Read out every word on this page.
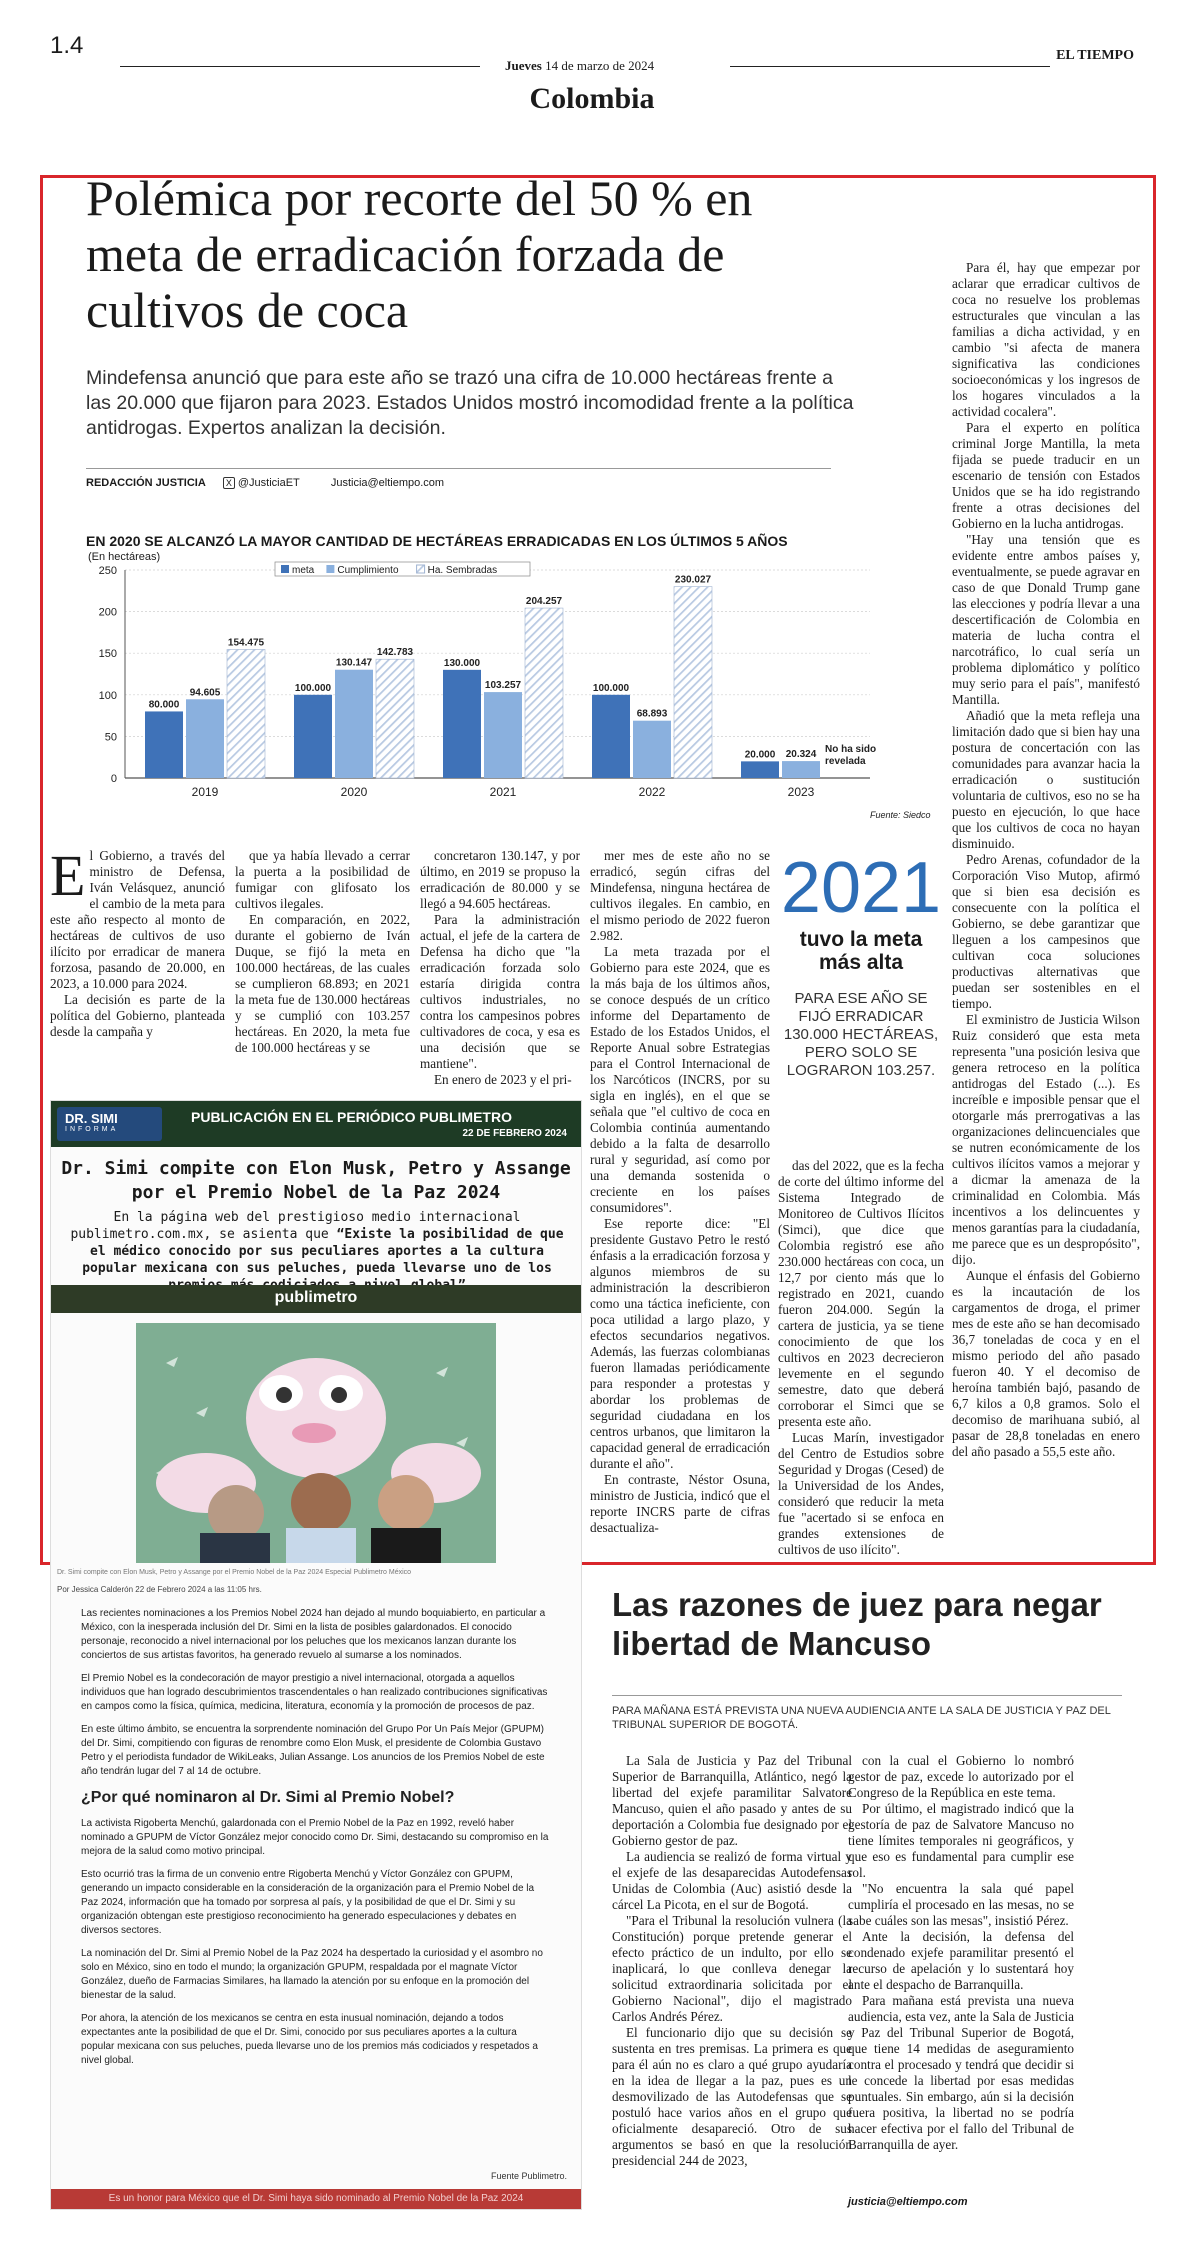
1.4
Jueves 14 de marzo de 2024
EL TIEMPO
Colombia
Polémica por recorte del 50 % en meta de erradicación forzada de cultivos de coca
Mindefensa anunció que para este año se trazó una cifra de 10.000 hectáreas frente a las 20.000 que fijaron para 2023. Estados Unidos mostró incomodidad frente a la política antidrogas. Expertos analizan la decisión.
REDACCIÓN JUSTICIA X @JusticiaET	Justicia@eltiempo.com
EN 2020 SE ALCANZÓ LA MAYOR CANTIDAD DE HECTÁREAS ERRADICADAS EN LOS ÚLTIMOS 5 AÑOS
(En hectáreas)
0
50
100
150
200
250
80.000
94.605
154.475
2019
100.000
130.147
142.783
2020
130.000
103.257
204.257
2021
100.000
68.893
230.027
2022
20.000 20.324 No ha sido revelada
2023
meta Cumplimiento	Ha. Sembradas
Fuente: Siedco

Para él, hay que empezar por aclarar que erradicar cultivos de coca no resuelve los problemas estructurales que vinculan a las familias a dicha actividad, y en cambio "si afecta de manera significativa las condiciones socioeconómicas y los ingresos de los hogares vinculados a la actividad cocalera".

Para el experto en política criminal Jorge Mantilla, la meta fijada se puede traducir en un escenario de tensión con Estados Unidos que se ha ido registrando frente a otras decisiones del Gobierno en la lucha antidrogas.

"Hay una tensión que es evidente entre ambos países y, eventualmente, se puede agravar en caso de que Donald Trump gane las elecciones y podría llevar a una descertificación de Colombia en materia de lucha contra el narcotráfico, lo cual sería un problema diplomático y político muy serio para el país", manifestó Mantilla.

Añadió que la meta refleja una limitación dado que si bien hay una postura de concertación con las comunidades para avanzar hacia la erradicación o sustitución voluntaria de cultivos, eso no se ha puesto en ejecución, lo que hace que los cultivos de coca no hayan disminuido.

Pedro Arenas, cofundador de la Corporación Viso Mutop, afirmó que si bien esa decisión es consecuente con la política el Gobierno, se debe garantizar que lleguen a los campesinos que cultivan coca soluciones productivas alternativas que puedan ser sostenibles en el tiempo.

El exministro de Justicia Wilson Ruiz consideró que esta meta representa "una posición lesiva que genera retroceso en la política antidrogas del Estado (...). Es increíble e imposible pensar que el otorgarle más prerrogativas a las organizaciones delincuenciales que se nutren económicamente de los cultivos ilícitos vamos a mejorar y a dicmar la amenaza de la criminalidad en Colombia. Más incentivos a los delincuentes y menos garantías para la ciudadanía, me parece que es un despropósito", dijo.

Aunque el énfasis del Gobierno es la incautación de los cargamentos de droga, el primer mes de este año se han decomisado 36,7 toneladas de coca y en el mismo periodo del año pasado fueron 40. Y el decomiso de heroína también bajó, pasando de 6,7 kilos a 0,8 gramos. Solo el decomiso de marihuana subió, al pasar de 28,8 toneladas en enero del año pasado a 55,5 este año.

E l Gobierno, a través del ministro de Defensa, Iván Velásquez, anunció el cambio de la meta para este año respecto al monto de hectáreas de cultivos de uso ilícito por erradicar de manera forzosa, pasando de 20.000, en 2023, a 10.000 para 2024.

La decisión es parte de la política del Gobierno, planteada desde la campaña y

que ya había llevado a cerrar la puerta a la posibilidad de fumigar con glifosato los cultivos ilegales.

En comparación, en 2022, durante el gobierno de Iván Duque, se fijó la meta en 100.000 hectáreas, de las cuales se cumplieron 68.893; en 2021 la meta fue de 130.000 hectáreas y se cumplió con 103.257 hectáreas. En 2020, la meta fue de 100.000 hectáreas y se

concretaron 130.147, y por último, en 2019 se propuso la erradicación de 80.000 y se llegó a 94.605 hectáreas.

Para la administración actual, el jefe de la cartera de Defensa ha dicho que "la erradicación forzada solo estaría dirigida contra cultivos industriales, no contra los campesinos pobres cultivadores de coca, y esa es una decisión que se mantiene".

En enero de 2023 y el pri-

mer mes de este año no se erradicó, según cifras del Mindefensa, ninguna hectárea de cultivos ilegales. En cambio, en el mismo periodo de 2022 fueron 2.982.

La meta trazada por el Gobierno para este 2024, que es la más baja de los últimos años, se conoce después de un crítico informe del Departamento de Estado de los Estados Unidos, el Reporte Anual sobre Estrategias para el Control Internacional de los Narcóticos (INCRS, por su sigla en inglés), en el que se señala que "el cultivo de coca en Colombia continúa aumentando debido a la falta de desarrollo rural y seguridad, así como por una demanda sostenida o creciente en los países consumidores".

Ese reporte dice: "El presidente Gustavo Petro le restó énfasis a la erradicación forzosa y algunos miembros de su administración la describieron como una táctica ineficiente, con poca utilidad a largo plazo, y efectos secundarios negativos. Además, las fuerzas colombianas fueron llamadas periódicamente para responder a protestas y abordar los problemas de seguridad ciudadana en los centros urbanos, que limitaron la capacidad general de erradicación durante el año".

En contraste, Néstor Osuna, ministro de Justicia, indicó que el reporte INCRS parte de cifras desactualiza-

das del 2022, que es la fecha de corte del último informe del Sistema Integrado de Monitoreo de Cultivos Ilícitos (Simci), que dice que Colombia registró ese año 230.000 hectáreas con coca, un 12,7 por ciento más que lo registrado en 2021, cuando fueron 204.000. Según la cartera de justicia, ya se tiene conocimiento de que los cultivos en 2023 decrecieron levemente en el segundo semestre, dato que deberá corroborar el Simci que se presenta este año.

Lucas Marín, investigador del Centro de Estudios sobre Seguridad y Drogas (Cesed) de la Universidad de los Andes, consideró que reducir la meta fue "acertado si se enfoca en grandes extensiones de cultivos de uso ilícito".

2021
tuvo la meta más alta
PARA ESE AÑO SE FIJÓ ERRADICAR 130.000 HECTÁREAS, PERO SOLO SE LOGRARON 103.257.
DR. SIMI
INFORMA
PUBLICACIÓN EN EL PERIÓDICO PUBLIMETRO
22 DE FEBRERO 2024
Dr. Simi compite con Elon Musk, Petro y Assange por el Premio Nobel de la Paz 2024
En la página web del prestigioso medio internacional publimetro.com.mx, se asienta que “Existe la posibilidad de que el médico conocido por sus peculiares aportes a la cultura popular mexicana con sus peluches, pueda llevarse uno de los
publimetro
Dr. Simi compite con Elon Musk, Petro y Assange por el Premio Nobel de la Paz 2024 Especial Publimetro México
Por Jessica Calderón 22 de Febrero 2024 a las 11:05 hrs.

Las recientes nominaciones a los Premios Nobel 2024 han dejado al mundo boquiabierto, en particular a México, con la inesperada inclusión del Dr. Simi en la lista de posibles galardonados. El conocido personaje, reconocido a nivel internacional por los peluches que los mexicanos lanzan durante los conciertos de sus artistas favoritos, ha generado revuelo al sumarse a los nominados.

El Premio Nobel es la condecoración de mayor prestigio a nivel internacional, otorgada a aquellos individuos que han logrado descubrimientos trascendentales o han realizado contribuciones significativas en campos como la física, química, medicina, literatura, economía y la promoción de procesos de paz.

En este último ámbito, se encuentra la sorprendente nominación del Grupo Por Un País Mejor (GPUPM) del Dr. Simi, compitiendo con figuras de renombre como Elon Musk, el presidente de Colombia Gustavo Petro y el periodista fundador de WikiLeaks, Julian Assange. Los anuncios de los Premios Nobel de este año tendrán lugar del 7 al 14 de octubre.

¿Por qué nominaron al Dr. Simi al Premio Nobel?

La activista Rigoberta Menchú, galardonada con el Premio Nobel de la Paz en 1992, reveló haber nominado a GPUPM de Víctor González mejor conocido como Dr. Simi, destacando su compromiso en la mejora de la salud como motivo principal.

Esto ocurrió tras la firma de un convenio entre Rigoberta Menchú y Víctor González con GPUPM, generando un impacto considerable en la consideración de la organización para el Premio Nobel de la Paz 2024, información que ha tomado por sorpresa al país, y la posibilidad de que el Dr. Simi y su organización obtengan este prestigioso reconocimiento ha generado especulaciones y debates en diversos sectores.

La nominación del Dr. Simi al Premio Nobel de la Paz 2024 ha despertado la curiosidad y el asombro no solo en México, sino en todo el mundo; la organización GPUPM, respaldada por el magnate Víctor González, dueño de Farmacias Similares, ha llamado la atención por su enfoque en la promoción del bienestar de la salud.

Por ahora, la atención de los mexicanos se centra en esta inusual nominación, dejando a todos expectantes ante la posibilidad de que el Dr. Simi, conocido por sus peculiares aportes a la cultura popular mexicana con sus peluches, pueda llevarse uno de los premios más codiciados y respetados a nivel global.

Fuente Publimetro.
Es un honor para México que el Dr. Simi haya sido nominado al Premio Nobel de la Paz 2024
Las razones de juez para negar libertad de Mancuso
PARA MAÑANA ESTÁ PREVISTA UNA NUEVA AUDIENCIA ANTE LA SALA DE JUSTICIA Y PAZ DEL TRIBUNAL SUPERIOR DE BOGOTÁ.

La Sala de Justicia y Paz del Tribunal Superior de Barranquilla, Atlántico, negó la libertad del exjefe paramilitar Salvatore Mancuso, quien el año pasado y antes de su deportación a Colombia fue designado por el Gobierno gestor de paz.

La audiencia se realizó de forma virtual y el exjefe de las desaparecidas Autodefensas Unidas de Colombia (Auc) asistió desde la cárcel La Picota, en el sur de Bogotá.

"Para el Tribunal la resolución vulnera (la Constitución) porque pretende generar el efecto práctico de un indulto, por ello se inaplicará, lo que conlleva denegar la solicitud extraordinaria solicitada por el Gobierno Nacional", dijo el magistrado Carlos Andrés Pérez.

El funcionario dijo que su decisión se sustenta en tres premisas. La primera es que para él aún no es claro a qué grupo ayudaría en la idea de llegar a la paz, pues es un desmovilizado de las Autodefensas que se postuló hace varios años en el grupo que oficialmente desapareció. Otro de sus argumentos se basó en que la resolución presidencial 244 de 2023,

con la cual el Gobierno lo nombró gestor de paz, excede lo autorizado por el Congreso de la República en este tema.

Por último, el magistrado indicó que la gestoría de paz de Salvatore Mancuso no tiene límites temporales ni geográficos, y que eso es fundamental para cumplir ese rol.

"No encuentra la sala qué papel cumpliría el procesado en las mesas, no se sabe cuáles son las mesas", insistió Pérez.

Ante la decisión, la defensa del condenado exjefe paramilitar presentó el recurso de apelación y lo sustentará hoy ante el despacho de Barranquilla.

Para mañana está prevista una nueva audiencia, esta vez, ante la Sala de Justicia y Paz del Tribunal Superior de Bogotá, que tiene 14 medidas de aseguramiento contra el procesado y tendrá que decidir si le concede la libertad por esas medidas puntuales. Sin embargo, aún si la decisión fuera positiva, la libertad no se podría hacer efectiva por el fallo del Tribunal de Barranquilla de ayer.

justicia@eltiempo.com
